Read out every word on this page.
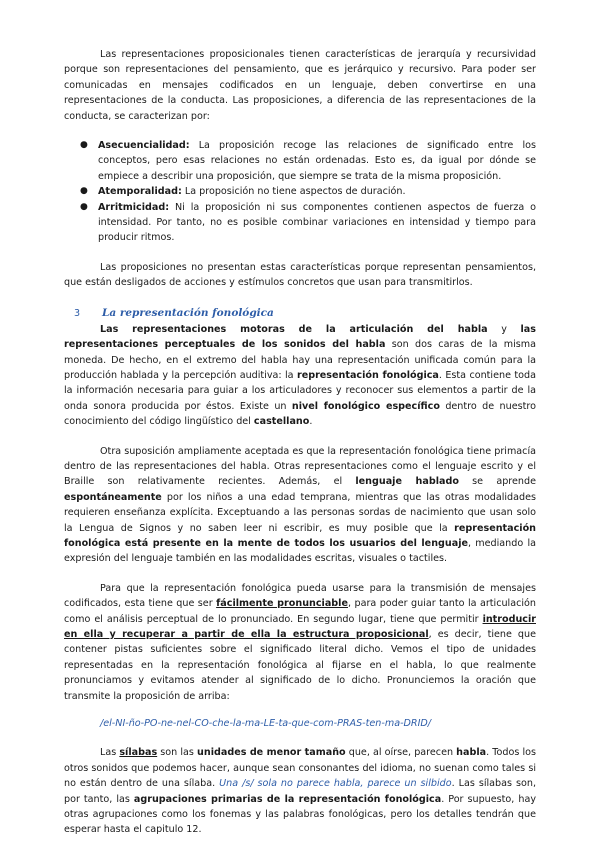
Las representaciones proposicionales tienen características de jerarquía y recursividad porque son representaciones del pensamiento, que es jerárquico y recursivo. Para poder ser comunicadas en mensajes codificados en un lenguaje, deben convertirse en una representaciones de la conducta. Las proposiciones, a diferencia de las representaciones de la conducta, se caracterizan por:

● Asecuencialidad: La proposición recoge las relaciones de significado entre los conceptos, pero esas relaciones no están ordenadas. Esto es, da igual por dónde se empiece a describir una proposición, que siempre se trata de la misma proposición.
● Atemporalidad: La proposición no tiene aspectos de duración.
● Arritmicidad: Ni la proposición ni sus componentes contienen aspectos de fuerza o intensidad. Por tanto, no es posible combinar variaciones en intensidad y tiempo para producir ritmos.

Las proposiciones no presentan estas características porque representan pensamientos, que están desligados de acciones y estímulos concretos que usan para transmitirlos.

3 La representación fonológica

Las representaciones motoras de la articulación del habla y las representaciones perceptuales de los sonidos del habla son dos caras de la misma moneda. De hecho, en el extremo del habla hay una representación unificada común para la producción hablada y la percepción auditiva: la representación fonológica. Esta contiene toda la información necesaria para guiar a los articuladores y reconocer sus elementos a partir de la onda sonora producida por éstos. Existe un nivel fonológico específico dentro de nuestro conocimiento del código lingüístico del castellano.

Otra suposición ampliamente aceptada es que la representación fonológica tiene primacía dentro de las representaciones del habla. Otras representaciones como el lenguaje escrito y el Braille son relativamente recientes. Además, el lenguaje hablado se aprende espontáneamente por los niños a una edad temprana, mientras que las otras modalidades requieren enseñanza explícita. Exceptuando a las personas sordas de nacimiento que usan solo la Lengua de Signos y no saben leer ni escribir, es muy posible que la representación fonológica está presente en la mente de todos los usuarios del lenguaje, mediando la expresión del lenguaje también en las modalidades escritas, visuales o tactiles.

Para que la representación fonológica pueda usarse para la transmisión de mensajes codificados, esta tiene que ser fácilmente pronunciable, para poder guiar tanto la articulación como el análisis perceptual de lo pronunciado. En segundo lugar, tiene que permitir introducir en ella y recuperar a partir de ella la estructura proposicional, es decir, tiene que contener pistas suficientes sobre el significado literal dicho. Vemos el tipo de unidades representadas en la representación fonológica al fijarse en el habla, lo que realmente pronunciamos y evitamos atender al significado de lo dicho. Pronunciemos la oración que transmite la proposición de arriba:

/el-NI-ño-PO-ne-nel-CO-che-la-ma-LE-ta-que-com-PRAS-ten-ma-DRID/

Las sílabas son las unidades de menor tamaño que, al oírse, parecen habla. Todos los otros sonidos que podemos hacer, aunque sean consonantes del idioma, no suenan como tales si no están dentro de una sílaba. Una /s/ sola no parece habla, parece un silbido. Las sílabas son, por tanto, las agrupaciones primarias de la representación fonológica. Por supuesto, hay otras agrupaciones como los fonemas y las palabras fonológicas, pero los detalles tendrán que esperar hasta el capitulo 12.
